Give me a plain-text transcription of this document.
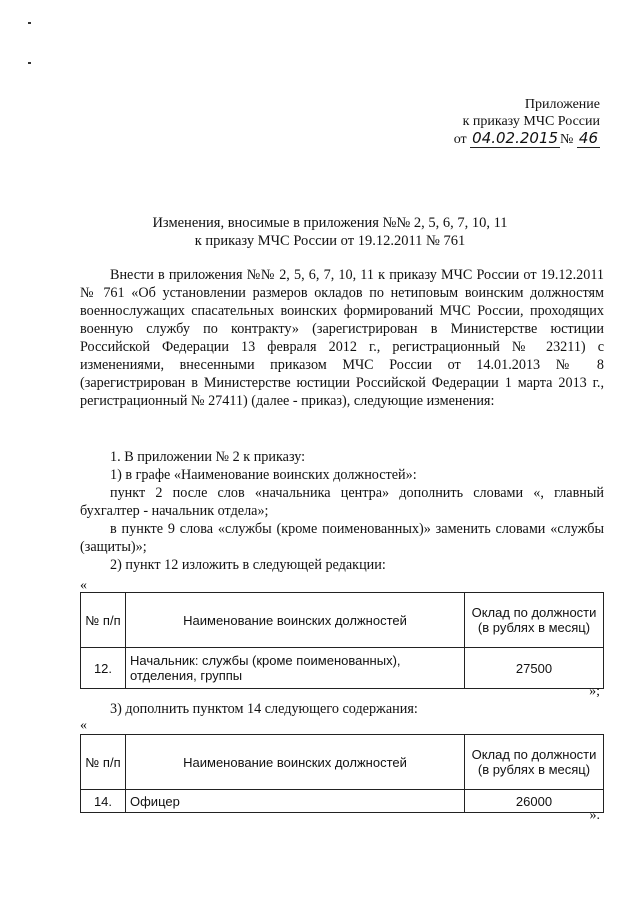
Приложение
к приказу МЧС России
от 04.02.2015 № 46
Изменения, вносимые в приложения №№ 2, 5, 6, 7, 10, 11
к приказу МЧС России от 19.12.2011 № 761
Внести в приложения №№ 2, 5, 6, 7, 10, 11 к приказу МЧС России от 19.12.2011 № 761 «Об установлении размеров окладов по нетиповым воинским должностям военнослужащих спасательных воинских формирований МЧС России, проходящих военную службу по контракту» (зарегистрирован в Министерстве юстиции Российской Федерации 13 февраля 2012 г., регистрационный № 23211) с изменениями, внесенными приказом МЧС России от 14.01.2013 № 8 (зарегистрирован в Министерстве юстиции Российской Федерации 1 марта 2013 г., регистрационный № 27411) (далее - приказ), следующие изменения:

1. В приложении № 2 к приказу:

1) в графе «Наименование воинских должностей»:

пункт 2 после слов «начальника центра» дополнить словами «, главный бухгалтер - начальник отдела»;

в пункте 9 слова «службы (кроме поименованных)» заменить словами «службы (защиты)»;

2) пункт 12 изложить в следующей редакции:

«
№ п/п	Наименование воинских должностей	Оклад по должности (в рублях в месяц)
12.	Начальник: службы (кроме поименованных), отделения, группы	27500
»;
3) дополнить пунктом 14 следующего содержания:
«
№ п/п	Наименование воинских должностей	Оклад по должности (в рублях в месяц)
14.	Офицер	26000
».
